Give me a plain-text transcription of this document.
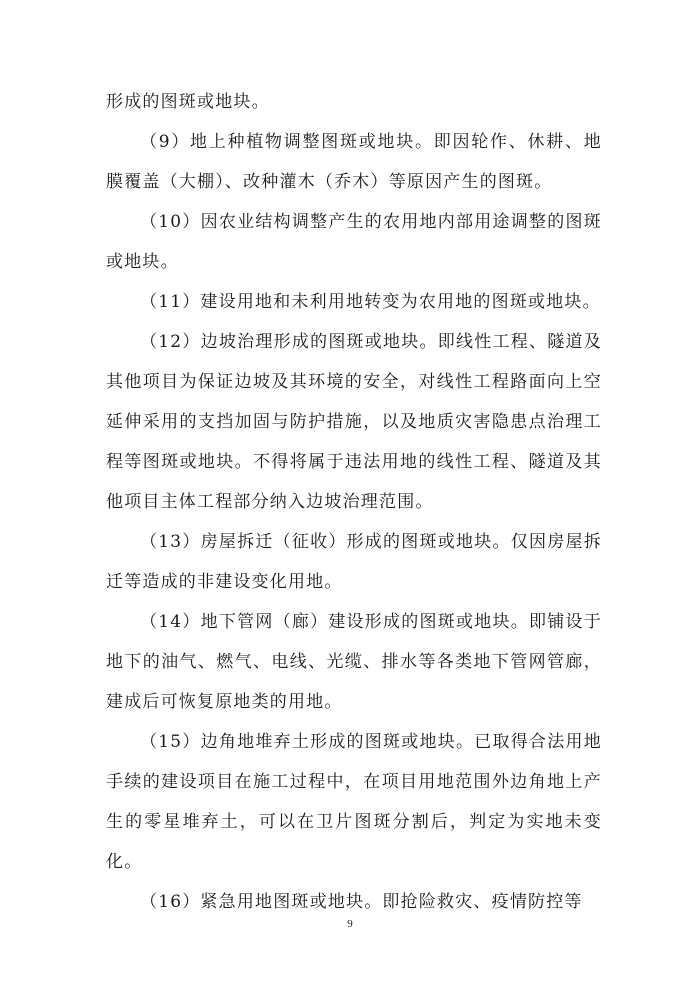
形成的图斑或地块。

（9）地上种植物调整图斑或地块。即因轮作、休耕、地膜覆盖（大棚）、改种灌木（乔木）等原因产生的图斑。

（10）因农业结构调整产生的农用地内部用途调整的图斑或地块。

（11）建设用地和未利用地转变为农用地的图斑或地块。

（12）边坡治理形成的图斑或地块。即线性工程、隧道及其他项目为保证边坡及其环境的安全，对线性工程路面向上空延伸采用的支挡加固与防护措施，以及地质灾害隐患点治理工程等图斑或地块。不得将属于违法用地的线性工程、隧道及其他项目主体工程部分纳入边坡治理范围。

（13）房屋拆迁（征收）形成的图斑或地块。仅因房屋拆迁等造成的非建设变化用地。

（14）地下管网（廊）建设形成的图斑或地块。即铺设于地下的油气、燃气、电线、光缆、排水等各类地下管网管廊，建成后可恢复原地类的用地。

（15）边角地堆弃土形成的图斑或地块。已取得合法用地手续的建设项目在施工过程中，在项目用地范围外边角地上产生的零星堆弃土，可以在卫片图斑分割后，判定为实地未变化。

（16）紧急用地图斑或地块。即抢险救灾、疫情防控等

9
